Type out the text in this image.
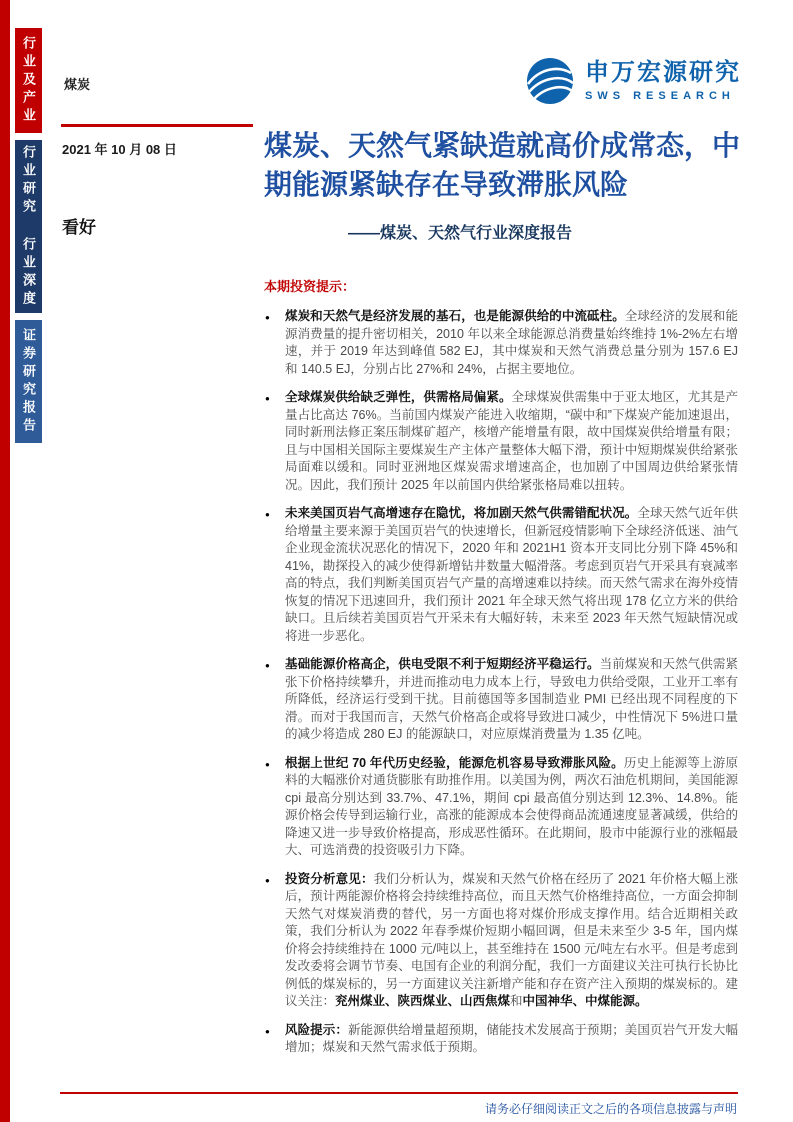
行业及产业
行业研究 行业深度
证券研究报告
煤炭	申万宏源研究
SWS RESEARCH
2021 年 10 月 08 日
看好
煤炭、天然气紧缺造就高价成常态，中期能源紧缺存在导致滞胀风险
——煤炭、天然气行业深度报告
本期投资提示：
● 煤炭和天然气是经济发展的基石，也是能源供给的中流砥柱。全球经济的发展和能源消费量的提升密切相关，2010 年以来全球能源总消费量始终维持 1%-2%左右增速，并于 2019 年达到峰值 582 EJ，其中煤炭和天然气消费总量分别为 157.6 EJ 和 140.5 EJ，分别占比 27%和 24%，占据主要地位。
● 全球煤炭供给缺乏弹性，供需格局偏紧。全球煤炭供需集中于亚太地区，尤其是产量占比高达 76%。当前国内煤炭产能进入收缩期，“碳中和”下煤炭产能加速退出，同时新刑法修正案压制煤矿超产，核增产能增量有限，故中国煤炭供给增量有限；且与中国相关国际主要煤炭生产主体产量整体大幅下滑，预计中短期煤炭供给紧张局面难以缓和。同时亚洲地区煤炭需求增速高企，也加剧了中国周边供给紧张情况。因此，我们预计 2025 年以前国内供给紧张格局难以扭转。
● 未来美国页岩气高增速存在隐忧，将加剧天然气供需错配状况。全球天然气近年供给增量主要来源于美国页岩气的快速增长，但新冠疫情影响下全球经济低迷、油气企业现金流状况恶化的情况下，2020 年和 2021H1 资本开支同比分别下降 45%和 41%，勘探投入的减少使得新增钻井数量大幅滑落。考虑到页岩气开采具有衰减率高的特点，我们判断美国页岩气产量的高增速难以持续。而天然气需求在海外疫情恢复的情况下迅速回升，我们预计 2021 年全球天然气将出现 178 亿立方米的供给缺口。且后续若美国页岩气开采未有大幅好转，未来至 2023 年天然气短缺情况或将进一步恶化。
● 基础能源价格高企，供电受限不利于短期经济平稳运行。当前煤炭和天然气供需紧张下价格持续攀升，并进而推动电力成本上行，导致电力供给受限，工业开工率有所降低，经济运行受到干扰。目前德国等多国制造业 PMI 已经出现不同程度的下滑。而对于我国而言，天然气价格高企或将导致进口减少，中性情况下 5%进口量的减少将造成 280 EJ 的能源缺口，对应原煤消费量为 1.35 亿吨。
● 根据上世纪 70 年代历史经验，能源危机容易导致滞胀风险。历史上能源等上游原料的大幅涨价对通货膨胀有助推作用。以美国为例，两次石油危机期间，美国能源 cpi 最高分别达到 33.7%、47.1%，期间 cpi 最高值分别达到 12.3%、14.8%。能源价格会传导到运输行业，高涨的能源成本会使得商品流通速度显著减缓，供给的降速又进一步导致价格提高，形成恶性循环。在此期间，股市中能源行业的涨幅最大、可选消费的投资吸引力下降。
● 投资分析意见：我们分析认为，煤炭和天然气价格在经历了 2021 年价格大幅上涨后，预计两能源价格将会持续维持高位，而且天然气价格维持高位，一方面会抑制天然气对煤炭消费的替代，另一方面也将对煤价形成支撑作用。结合近期相关政策，我们分析认为 2022 年春季煤价短期小幅回调，但是未来至少 3-5 年，国内煤价将会持续维持在 1000 元/吨以上，甚至维持在 1500 元/吨左右水平。但是考虑到发改委将会调节节奏、电国有企业的利润分配，我们一方面建议关注可执行长协比例低的煤炭标的，另一方面建议关注新增产能和存在资产注入预期的煤炭标的。建议关注：兖州煤业、陕西煤业、山西焦煤和中国神华、中煤能源。
● 风险提示：新能源供给增量超预期，储能技术发展高于预期；美国页岩气开发大幅增加；煤炭和天然气需求低于预期。
请务必仔细阅读正文之后的各项信息披露与声明
